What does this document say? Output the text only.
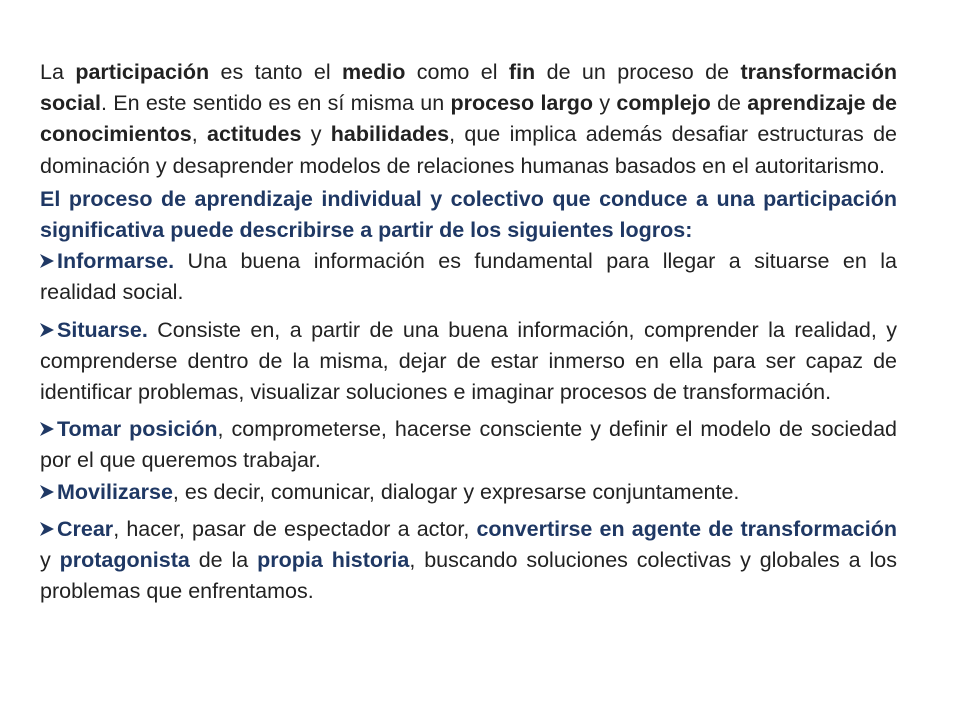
La participación es tanto el medio como el fin de un proceso de transformación social. En este sentido es en sí misma un proceso largo y complejo de aprendizaje de conocimientos, actitudes y habilidades, que implica además desafiar estructuras de dominación y desaprender modelos de relaciones humanas basados en el autoritarismo.

El proceso de aprendizaje individual y colectivo que conduce a una participación significativa puede describirse a partir de los siguientes logros:

Informarse. Una buena información es fundamental para llegar a situarse en la realidad social.

Situarse. Consiste en, a partir de una buena información, comprender la realidad, y comprenderse dentro de la misma, dejar de estar inmerso en ella para ser capaz de identificar problemas, visualizar soluciones e imaginar procesos de transformación.

Tomar posición, comprometerse, hacerse consciente y definir el modelo de sociedad por el que queremos trabajar.

Movilizarse, es decir, comunicar, dialogar y expresarse conjuntamente.

Crear, hacer, pasar de espectador a actor, convertirse en agente de transformación y protagonista de la propia historia, buscando soluciones colectivas y globales a los problemas que enfrentamos.
